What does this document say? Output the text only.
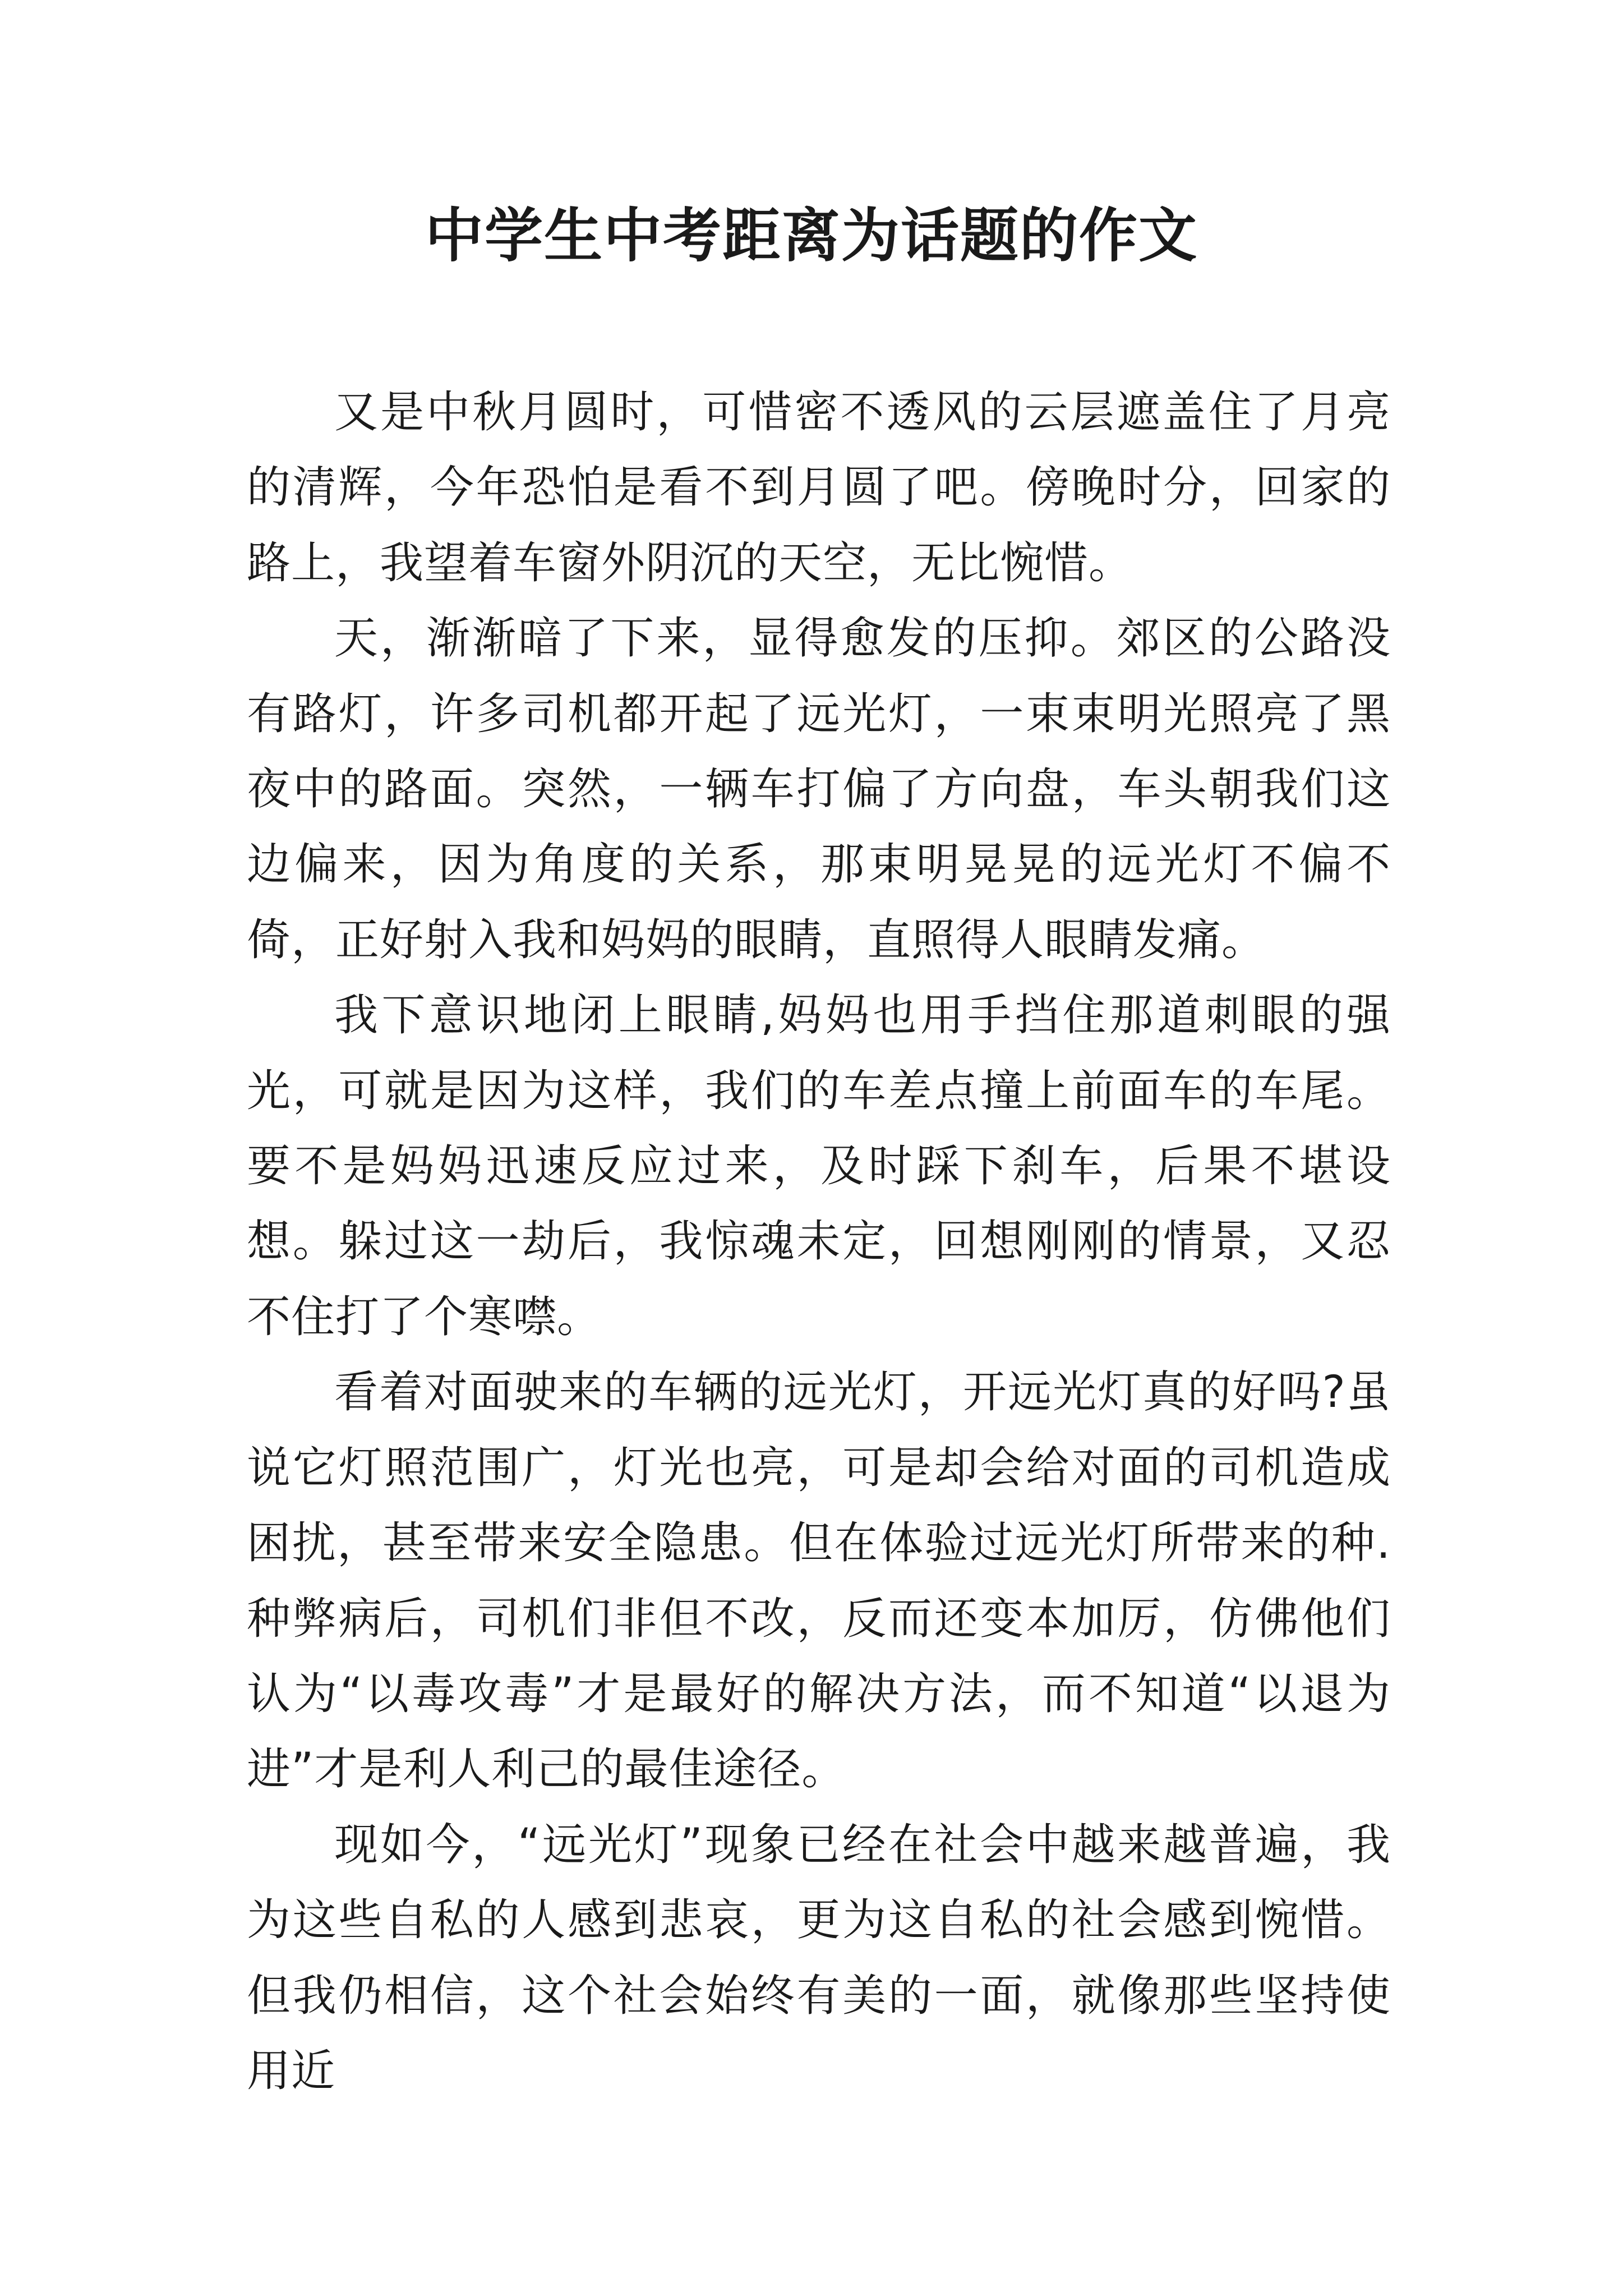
中学生中考距离为话题的作文

又是中秋月圆时，可惜密不透风的云层遮盖住了月亮的清辉，今年恐怕是看不到月圆了吧。傍晚时分，回家的路上，我望着车窗外阴沉的天空，无比惋惜。

天，渐渐暗了下来，显得愈发的压抑。郊区的公路没有路灯，许多司机都开起了远光灯，一束束明光照亮了黑夜中的路面。突然，一辆车打偏了方向盘，车头朝我们这边偏来，因为角度的关系，那束明晃晃的远光灯不偏不倚，正好射入我和妈妈的眼睛，直照得人眼睛发痛。

我下意识地闭上眼睛,妈妈也用手挡住那道刺眼的强光，可就是因为这样，我们的车差点撞上前面车的车尾。要不是妈妈迅速反应过来，及时踩下刹车，后果不堪设想。躲过这一劫后，我惊魂未定，回想刚刚的情景，又忍不住打了个寒噤。

看着对面驶来的车辆的远光灯，开远光灯真的好吗?虽说它灯照范围广，灯光也亮，可是却会给对面的司机造成困扰，甚至带来安全隐患。但在体验过远光灯所带来的种.种弊病后，司机们非但不改，反而还变本加厉，仿佛他们认为“以毒攻毒”才是最好的解决方法，而不知道“以退为进”才是利人利己的最佳途径。

现如今，“远光灯”现象已经在社会中越来越普遍，我为这些自私的人感到悲哀，更为这自私的社会感到惋惜。但我仍相信，这个社会始终有美的一面，就像那些坚持使用近
